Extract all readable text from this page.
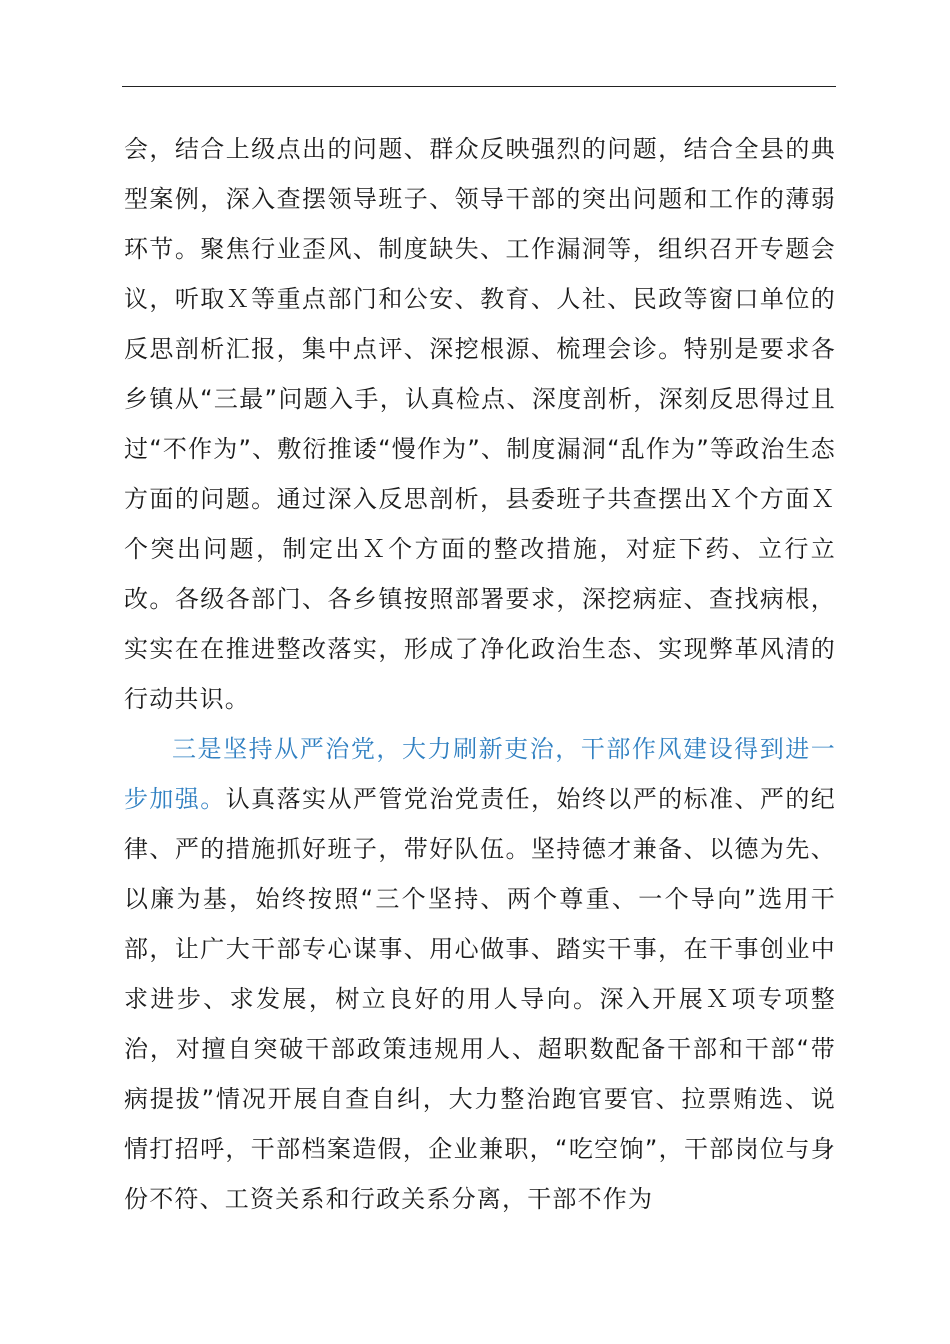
会，结合上级点出的问题、群众反映强烈的问题，结合全县的典型案例，深入查摆领导班子、领导干部的突出问题和工作的薄弱环节。聚焦行业歪风、制度缺失、工作漏洞等，组织召开专题会议，听取Ｘ等重点部门和公安、教育、人社、民政等窗口单位的反思剖析汇报，集中点评、深挖根源、梳理会诊。特别是要求各乡镇从“三最”问题入手，认真检点、深度剖析，深刻反思得过且过“不作为”、敷衍推诿“慢作为”、制度漏洞“乱作为”等政治生态方面的问题。通过深入反思剖析，县委班子共查摆出Ｘ个方面Ｘ个突出问题，制定出Ｘ个方面的整改措施，对症下药、立行立改。各级各部门、各乡镇按照部署要求，深挖病症、查找病根，实实在在推进整改落实，形成了净化政治生态、实现弊革风清的行动共识。

三是坚持从严治党，大力刷新吏治，干部作风建设得到进一步加强。认真落实从严管党治党责任，始终以严的标准、严的纪律、严的措施抓好班子，带好队伍。坚持德才兼备、以德为先、以廉为基，始终按照“三个坚持、两个尊重、一个导向”选用干部，让广大干部专心谋事、用心做事、踏实干事，在干事创业中求进步、求发展，树立良好的用人导向。深入开展Ｘ项专项整治，对擅自突破干部政策违规用人、超职数配备干部和干部“带病提拔”情况开展自查自纠，大力整治跑官要官、拉票贿选、说情打招呼，干部档案造假，企业兼职，“吃空饷”，干部岗位与身份不符、工资关系和行政关系分离，干部不作为
